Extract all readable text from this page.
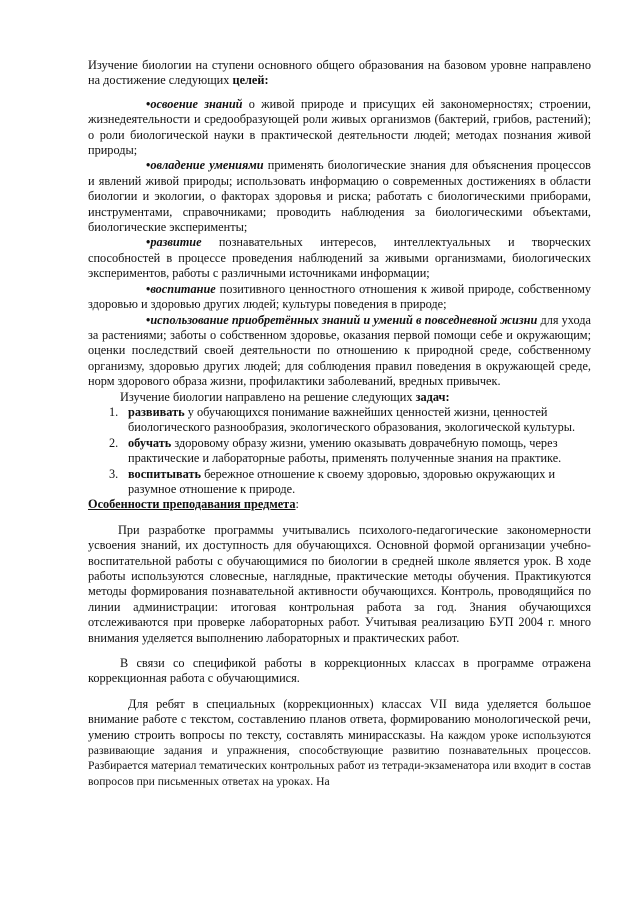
Изучение биологии на ступени основного общего образования на базовом уровне направлено на достижение следующих целей:

•освоение знаний о живой природе и присущих ей закономерностях; строении, жизнедеятельности и средообразующей роли живых организмов (бактерий, грибов, растений); о роли биологической науки в практической деятельности людей; методах познания живой природы;

•овладение умениями применять биологические знания для объяснения процессов и явлений живой природы; использовать информацию о современных достижениях в области биологии и экологии, о факторах здоровья и риска; работать с биологическими приборами, инструментами, справочниками; проводить наблюдения за биологическими объектами, биологические эксперименты;

•развитие познавательных интересов, интеллектуальных и творческих способностей в процессе проведения наблюдений за живыми организмами, биологических экспериментов, работы с различными источниками информации;

•воспитание позитивного ценностного отношения к живой природе, собственному здоровью и здоровью других людей; культуры поведения в природе;

•использование приобретённых знаний и умений в повседневной жизни для ухода за растениями; заботы о собственном здоровье, оказания первой помощи себе и окружающим; оценки последствий своей деятельности по отношению к природной среде, собственному организму, здоровью других людей; для соблюдения правил поведения в окружающей среде, норм здорового образа жизни, профилактики заболеваний, вредных привычек.

Изучение биологии направлено на решение следующих задач:

1. развивать у обучающихся понимание важнейших ценностей жизни, ценностей биологического разнообразия, экологического образования, экологической культуры.
2. обучать здоровому образу жизни, умению оказывать доврачебную помощь, через практические и лабораторные работы, применять полученные знания на практике.
3. воспитывать бережное отношение к своему здоровью, здоровью окружающих и разумное отношение к природе.

Особенности преподавания предмета:

При разработке программы учитывались психолого-педагогические закономерности усвоения знаний, их доступность для обучающихся. Основной формой организации учебно-воспитательной работы с обучающимися по биологии в средней школе является урок. В ходе работы используются словесные, наглядные, практические методы обучения. Практикуются методы формирования познавательной активности обучающихся. Контроль, проводящийся по линии администрации: итоговая контрольная работа за год. Знания обучающихся отслеживаются при проверке лабораторных работ. Учитывая реализацию БУП 2004 г. много внимания уделяется выполнению лабораторных и практических работ.

В связи со спецификой работы в коррекционных классах в программе отражена коррекционная работа с обучающимися.

Для ребят в специальных (коррекционных) классах VII вида уделяется большое внимание работе с текстом, составлению планов ответа, формированию монологической речи, умению строить вопросы по тексту, составлять минирассказы. На каждом уроке используются развивающие задания и упражнения, способствующие развитию познавательных процессов. Разбирается материал тематических контрольных работ из тетради-экзаменатора или входит в состав вопросов при письменных ответах на уроках. На
